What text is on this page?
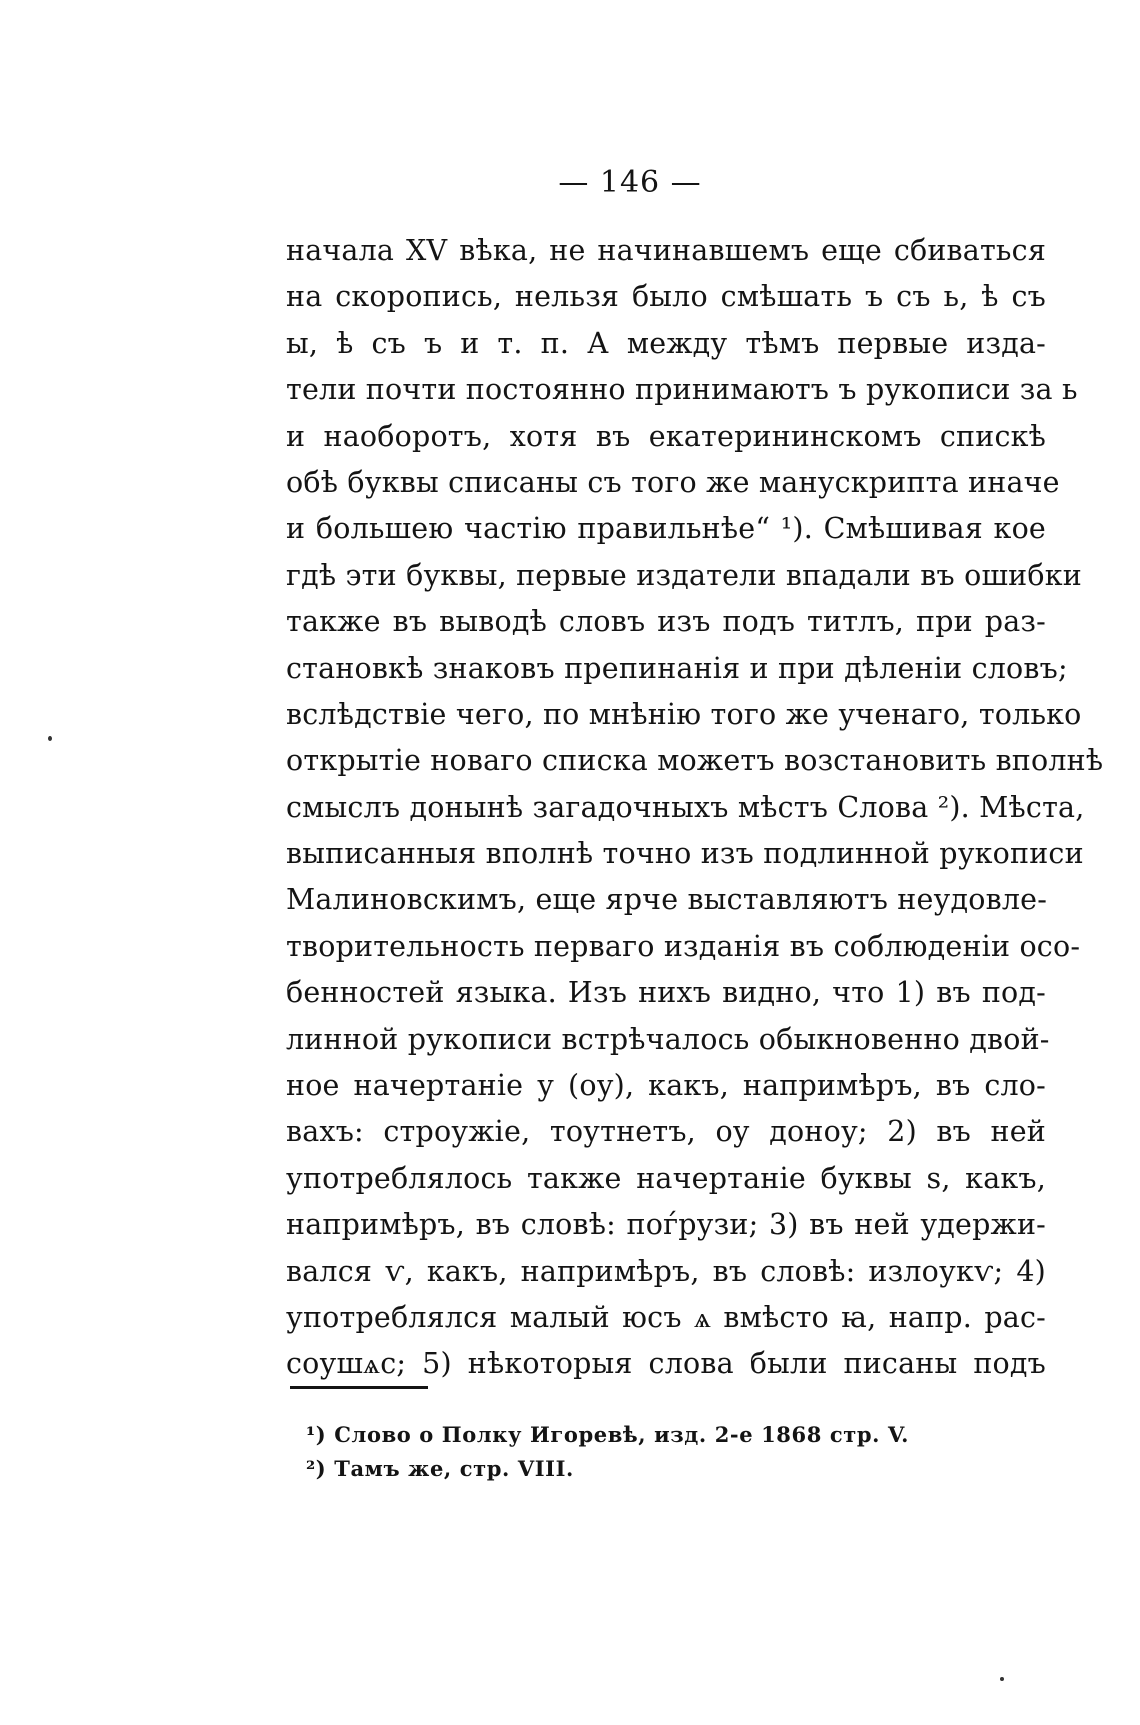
— 146 —
начала XV вѣка, не начинавшемъ еще сбиваться
на скоропись, нельзя было смѣшать ъ съ ь, ѣ съ
ы, ѣ съ ъ и т. п. А между тѣмъ первые изда-
тели почти постоянно принимаютъ ъ рукописи за ь
и наоборотъ, хотя въ екатерининскомъ спискѣ
обѣ буквы списаны съ того же манускрипта иначе
и большею частію правильнѣе“ ¹). Смѣшивая кое
гдѣ эти буквы, первые издатели впадали въ ошибки
также въ выводѣ словъ изъ подъ титлъ, при раз-
становкѣ знаковъ препинанія и при дѣленіи словъ;
вслѣдствіе чего, по мнѣнію того же ученаго, только
открытіе новаго списка можетъ возстановить вполнѣ
смыслъ донынѣ загадочныхъ мѣстъ Слова ²). Мѣста,
выписанныя вполнѣ точно изъ подлинной рукописи
Малиновскимъ, еще ярче выставляютъ неудовле-
творительность перваго изданія въ соблюденіи осо-
бенностей языка. Изъ нихъ видно, что 1) въ под-
линной рукописи встрѣчалось обыкновенно двой-
ное начертаніе у (оу), какъ, напримѣръ, въ сло-
вахъ: строужіе, тоутнетъ, оу доноу; 2) въ ней
употреблялось также начертаніе буквы ѕ, какъ,
напримѣръ, въ словѣ: поѓрузи; 3) въ ней удержи-
вался ѵ, какъ, напримѣръ, въ словѣ: излоукѵ; 4)
употреблялся малый юсъ ѧ вмѣсто ꙗ, напр. рас-
соушѧс; 5) нѣкоторыя слова были писаны подъ
¹) Слово о Полку Игоревѣ, изд. 2-е 1868 стр. V.
²) Тамъ же, стр. VIII.
